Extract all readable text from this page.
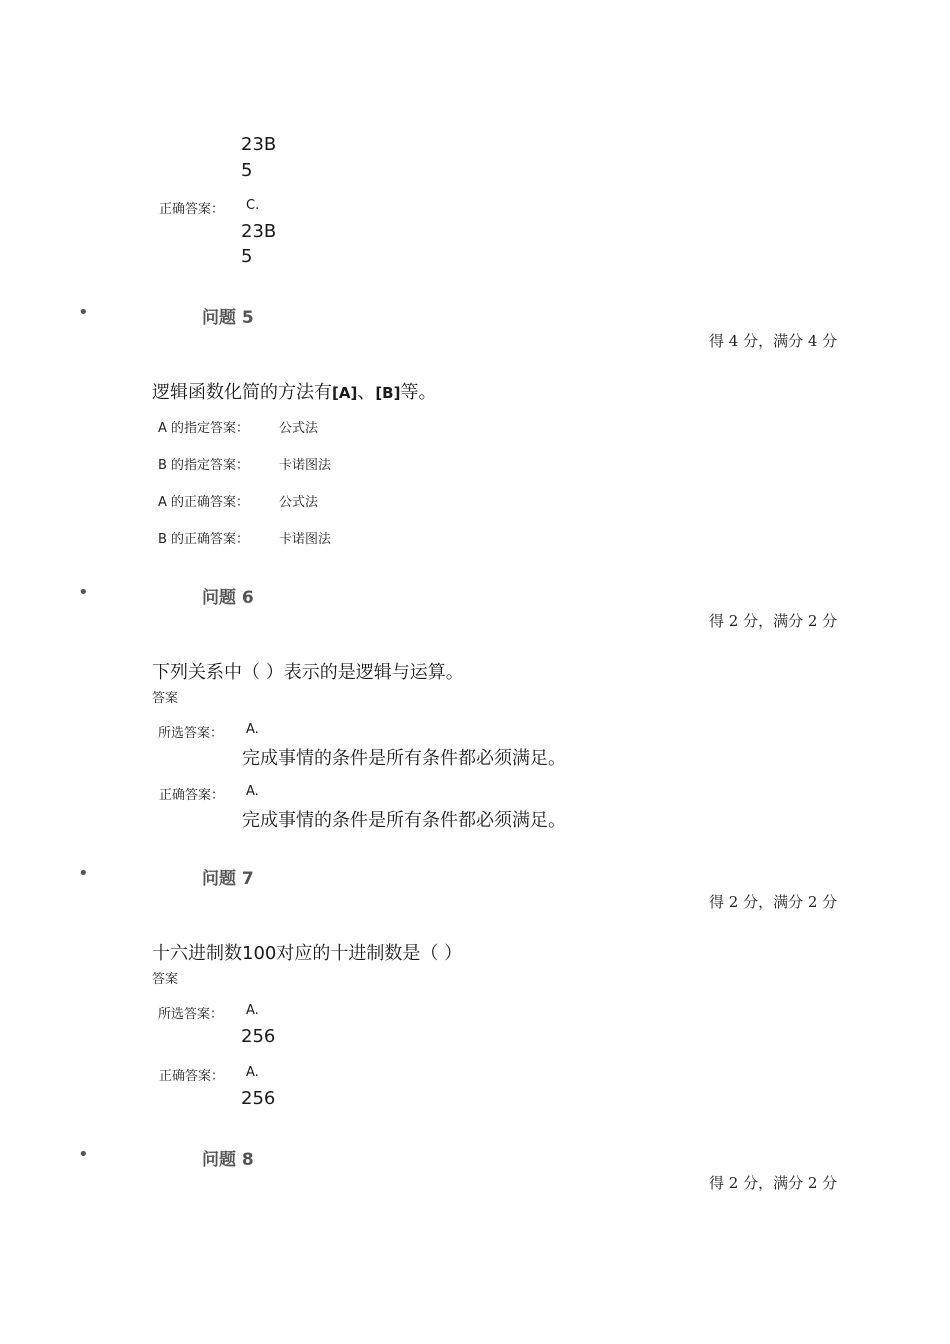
23B
5
正确答案： C.
23B
5
•	问题 5
得 4 分，满分 4 分
逻辑函数化简的方法有[A]、[B]等。
A 的指定答案： 公式法
B 的指定答案： 卡诺图法
A 的正确答案： 公式法
B 的正确答案： 卡诺图法
•	问题 6
得 2 分，满分 2 分
下列关系中（ ）表示的是逻辑与运算。
答案
所选答案： A.
完成事情的条件是所有条件都必须满足。
正确答案： A.
完成事情的条件是所有条件都必须满足。
•	问题 7
得 2 分，满分 2 分
十六进制数100对应的十进制数是（ ）
答案
所选答案： A.
256
正确答案： A.
256
•	问题 8
得 2 分，满分 2 分
